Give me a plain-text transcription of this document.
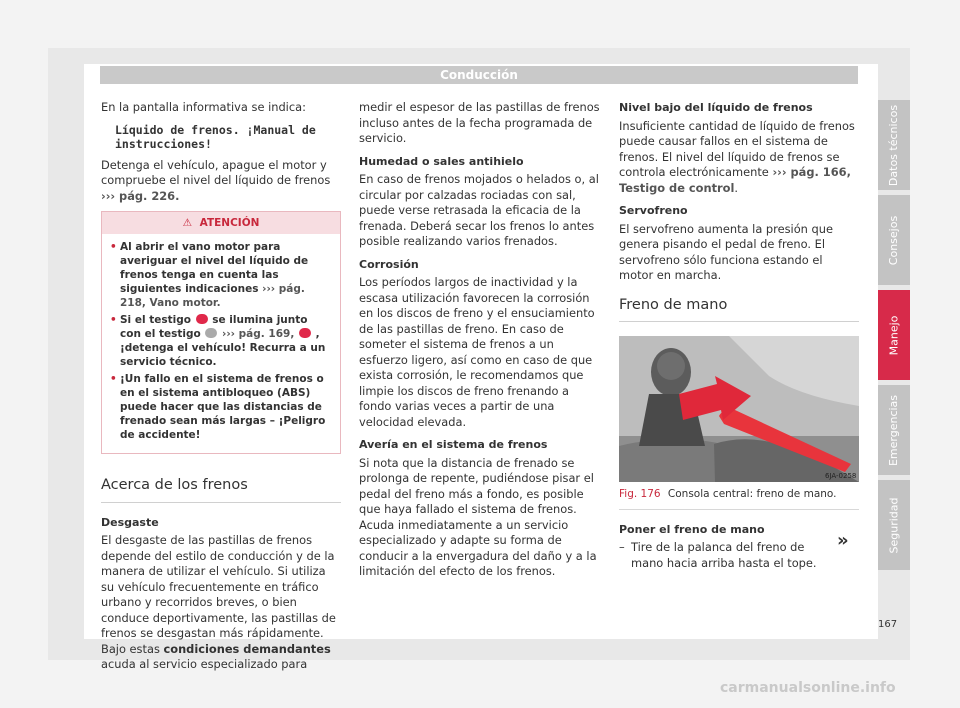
Conducción

En la pantalla informativa se indica:

Líquido de frenos. ¡Manual de instrucciones!

Detenga el vehículo, apague el motor y compruebe el nivel del líquido de frenos ››› pág. 226.

⚠ ATENCIÓN
• Al abrir el vano motor para averiguar el nivel del líquido de frenos tenga en cuenta las siguientes indicaciones ››› pág. 218, Vano motor.
• Si el testigo se ilumina junto con el testigo ››› pág. 169, , ¡detenga el vehículo! Recurra a un servicio técnico.
• ¡Un fallo en el sistema de frenos o en el sistema antibloqueo (ABS) puede hacer que las distancias de frenado sean más largas – ¡Peligro de accidente!
Acerca de los frenos
Desgaste

El desgaste de las pastillas de frenos depende del estilo de conducción y de la manera de utilizar el vehículo. Si utiliza su vehículo frecuentemente en tráfico urbano y recorridos breves, o bien conduce deportivamente, las pastillas de frenos se desgastan más rápidamente. Bajo estas condiciones demandantes acuda al servicio especializado para

medir el espesor de las pastillas de frenos incluso antes de la fecha programada de servicio.

Humedad o sales antihielo

En caso de frenos mojados o helados o, al circular por calzadas rociadas con sal, puede verse retrasada la eficacia de la frenada. Deberá secar los frenos lo antes posible realizando varios frenados.

Corrosión

Los períodos largos de inactividad y la escasa utilización favorecen la corrosión en los discos de freno y el ensuciamiento de las pastillas de freno. En caso de someter el sistema de frenos a un esfuerzo ligero, así como en caso de que exista corrosión, le recomendamos que limpie los discos de freno frenando a fondo varias veces a partir de una velocidad elevada.

Avería en el sistema de frenos

Si nota que la distancia de frenado se prolonga de repente, pudiéndose pisar el pedal del freno más a fondo, es posible que haya fallado el sistema de frenos. Acuda inmediatamente a un servicio especializado y adapte su forma de conducir a la envergadura del daño y a la limitación del efecto de los frenos.

Nivel bajo del líquido de frenos

Insuficiente cantidad de líquido de frenos puede causar fallos en el sistema de frenos. El nivel del líquido de frenos se controla electrónicamente ››› pág. 166, Testigo de control.

Servofreno

El servofreno aumenta la presión que genera pisando el pedal de freno. El servofreno sólo funciona estando el motor en marcha.

Freno de mano
6JA-0258
Fig. 176 Consola central: freno de mano.
Poner el freno de mano

– Tire de la palanca del freno de mano hacia arriba hasta el tope.

»
Datos técnicos
Consejos
Manejo
Emergencias
Seguridad
167
carmanualsonline.info
